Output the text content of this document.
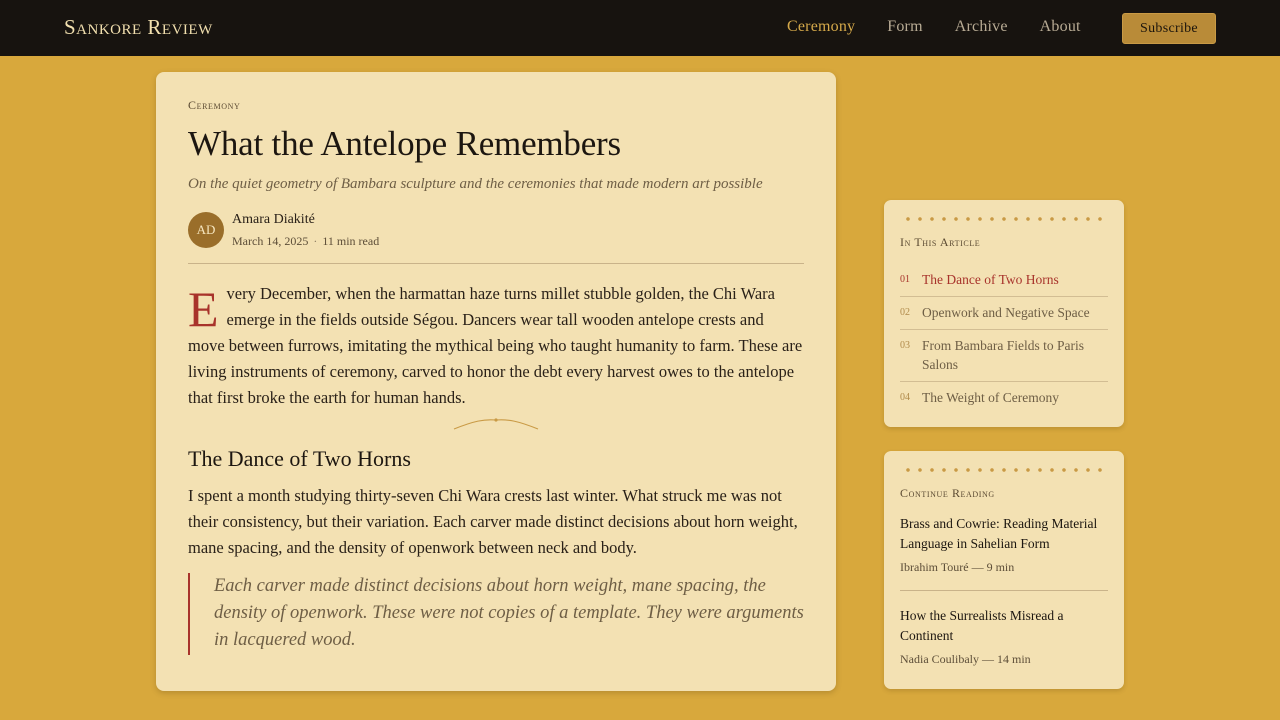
Sankore Review	Ceremony Form Archive About	Subscribe
Ceremony
What the Antelope Remembers

On the quiet geometry of Bambara sculpture and the ceremonies that made modern art possible

AD
Amara Diakité
March 14, 2025 · 11 min read

Every December, when the harmattan haze turns millet stubble golden, the Chi Wara emerge in the fields outside Ségou. Dancers wear tall wooden antelope crests and move between furrows, imitating the mythical being who taught humanity to farm. These are living instruments of ceremony, carved to honor the debt every harvest owes to the antelope that first broke the earth for human hands.

The Dance of Two Horns

I spent a month studying thirty-seven Chi Wara crests last winter. What struck me was not their consistency, but their variation. Each carver made distinct decisions about horn weight, mane spacing, and the density of openwork between neck and body.

Each carver made distinct decisions about horn weight, mane spacing, the density of openwork. These were not copies of a template. They were arguments in lacquered wood.
In This Article
01 The Dance of Two Horns
02 Openwork and Negative Space
03 From Bambara Fields to Paris Salons
04 The Weight of Ceremony
Continue Reading
Brass and Cowrie: Reading Material Language in Sahelian Form
Ibrahim Touré — 9 min
How the Surrealists Misread a Continent
Nadia Coulibaly — 14 min
